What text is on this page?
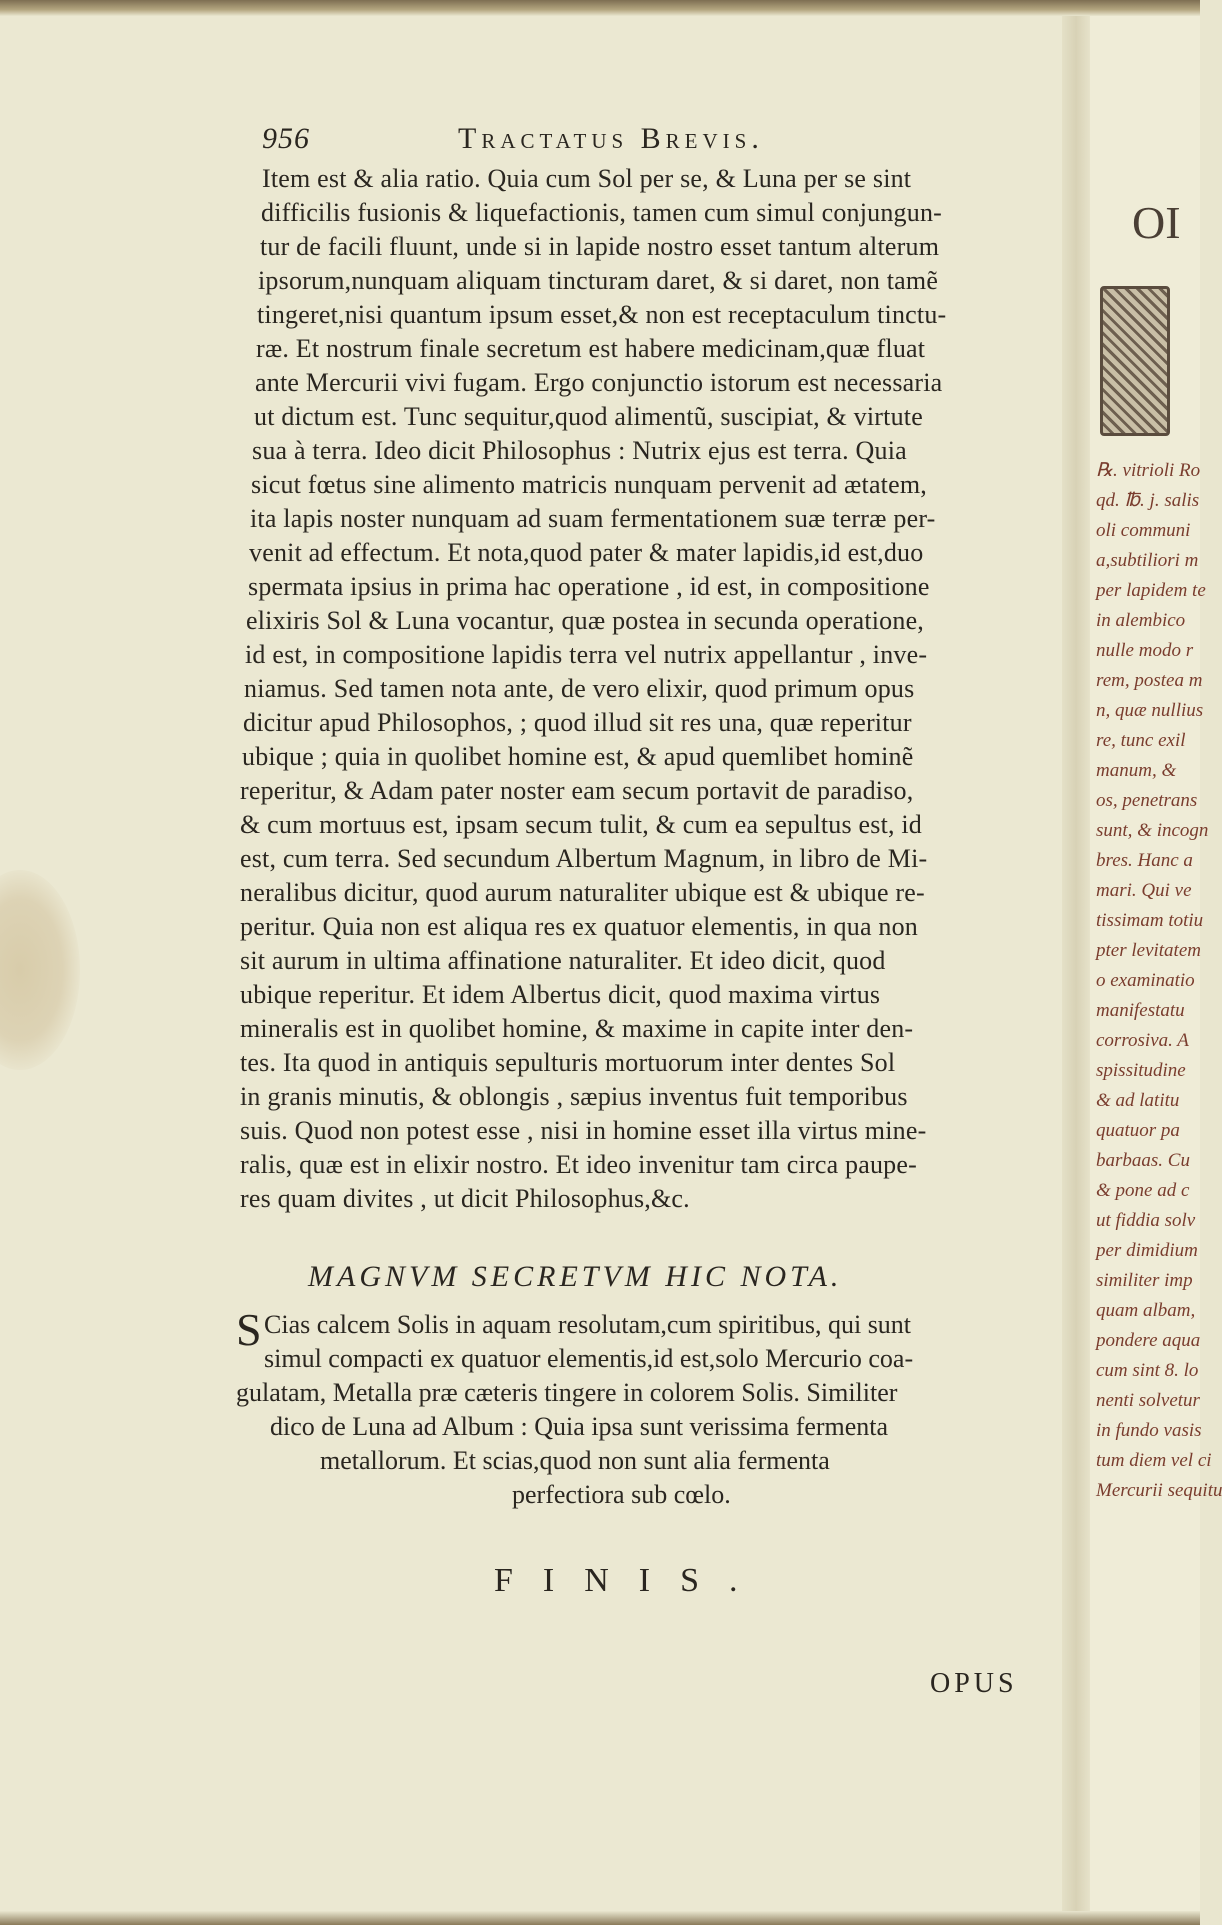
OI
℞. vitrioli Ro
qd. ℔. j. salis
oli communi
a,subtiliori m
per lapidem te
in alembico
nulle modo r
rem, postea m
n, quæ nullius
re, tunc exil
manum, &
os, penetrans
sunt, & incogn
bres. Hanc a
mari. Qui ve
tissimam totiu
pter levitatem
o examinatio
manifestatu
corrosiva. A
spissitudine
& ad latitu
quatuor pa
barbaas. Cu
& pone ad c
ut fiddia solv
per dimidium
similiter imp
quam albam,
pondere aqua
cum sint 8. lo
nenti solvetur
in fundo vasis
tum diem vel ci
Mercurii sequitu
956	Tractatus Brevis.
Item est & alia ratio. Quia cum Sol per se, & Luna per se sint
difficilis fusionis & liquefactionis, tamen cum simul conjungun-
tur de facili fluunt, unde si in lapide nostro esset tantum alterum
ipsorum,nunquam aliquam tincturam daret, & si daret, non tamẽ
tingeret,nisi quantum ipsum esset,& non est receptaculum tinctu-
ræ. Et nostrum finale secretum est habere medicinam,quæ fluat
ante Mercurii vivi fugam. Ergo conjunctio istorum est necessaria
ut dictum est. Tunc sequitur,quod alimentũ, suscipiat, & virtute
sua à terra. Ideo dicit Philosophus : Nutrix ejus est terra. Quia
sicut fœtus sine alimento matricis nunquam pervenit ad ætatem,
ita lapis noster nunquam ad suam fermentationem suæ terræ per-
venit ad effectum. Et nota,quod pater & mater lapidis,id est,duo
spermata ipsius in prima hac operatione , id est, in compositione
elixiris Sol & Luna vocantur, quæ postea in secunda operatione,
id est, in compositione lapidis terra vel nutrix appellantur , inve-
niamus. Sed tamen nota ante, de vero elixir, quod primum opus
dicitur apud Philosophos, ; quod illud sit res una, quæ reperitur
ubique ; quia in quolibet homine est, & apud quemlibet hominẽ
reperitur, & Adam pater noster eam secum portavit de paradiso,
& cum mortuus est, ipsam secum tulit, & cum ea sepultus est, id
est, cum terra. Sed secundum Albertum Magnum, in libro de Mi-
neralibus dicitur, quod aurum naturaliter ubique est & ubique re-
peritur. Quia non est aliqua res ex quatuor elementis, in qua non
sit aurum in ultima affinatione naturaliter. Et ideo dicit, quod
ubique reperitur. Et idem Albertus dicit, quod maxima virtus
mineralis est in quolibet homine, & maxime in capite inter den-
tes. Ita quod in antiquis sepulturis mortuorum inter dentes Sol
in granis minutis, & oblongis , sæpius inventus fuit temporibus
suis. Quod non potest esse , nisi in homine esset illa virtus mine-
ralis, quæ est in elixir nostro. Et ideo invenitur tam circa paupe-
res quam divites , ut dicit Philosophus,&c.
MAGNVM SECRETVM HIC NOTA.
S Cias calcem Solis in aquam resolutam,cum spiritibus, qui sunt
simul compacti ex quatuor elementis,id est,solo Mercurio coa-
gulatam, Metalla præ cæteris tingere in colorem Solis. Similiter
dico de Luna ad Album : Quia ipsa sunt verissima fermenta
metallorum. Et scias,quod non sunt alia fermenta
perfectiora sub cœlo.
FINIS.
OPUS
